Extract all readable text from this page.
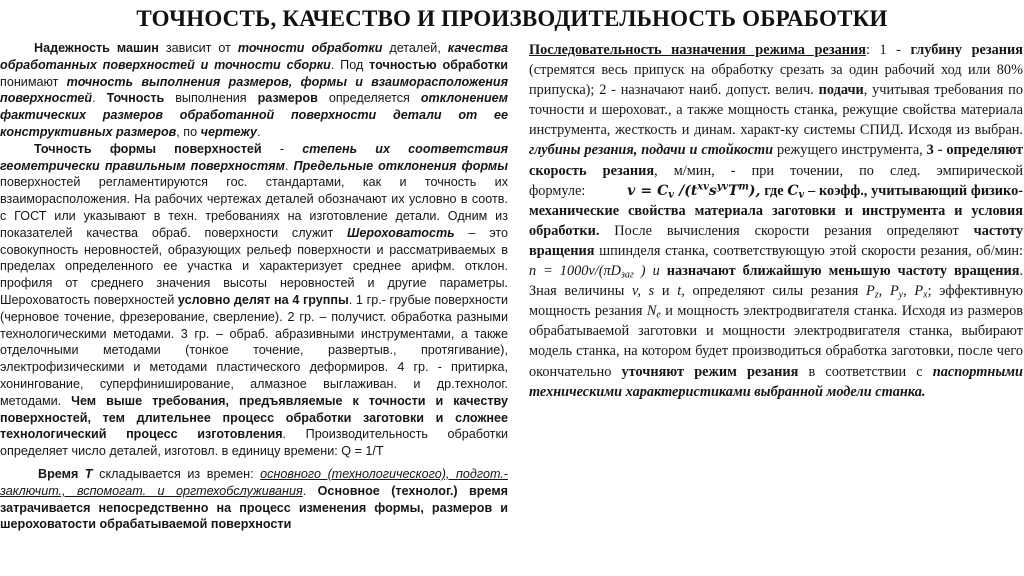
ТОЧНОСТЬ, КАЧЕСТВО И ПРОИЗВОДИТЕЛЬНОСТЬ ОБРАБОТКИ

Надежность машин зависит от точности обработки деталей, качества обработанных поверхностей и точности сборки. Под точностью обработки понимают точность выполнения размеров, формы и взаиморасположения поверхностей. Точность выполнения размеров определяется отклонением фактических размеров обработанной поверхности детали от ее конструктивных размеров, по чертежу.

Точность формы поверхностей - степень их соответствия геометрически правильным поверхностям. Предельные отклонения формы поверхностей регламентируются гос. стандартами, как и точность их взаиморасположения. На рабочих чертежах деталей обозначают их условно в соотв. с ГОСТ или указывают в техн. требованиях на изготовление детали. Одним из показателей качества обраб. поверхности служит Шероховатость – это совокупность неровностей, образующих рельеф поверхности и рассматриваемых в пределах определенного ее участка и характеризует среднее арифм. отклон. профиля от среднего значения высоты неровностей и другие параметры. Шероховатость поверхностей условно делят на 4 группы. 1 гр.- грубые поверхности (черновое точение, фрезерование, сверление). 2 гр. – получист. обработка разными технологическими методами. 3 гр. – обраб. абразивными инструментами, а также отделочными методами (тонкое точение, развертыв., протягивание), электрофизическими и методами пластического деформиров. 4 гр. - притирка, хонингование, суперфиниширование, алмазное выглаживан. и др.технолог. методами. Чем выше требования, предъявляемые к точности и качеству поверхностей, тем длительнее процесс обработки заготовки и сложнее технологический процесс изготовления. Производительность обработки определяет число деталей, изготовл. в единицу времени: Q = 1/T

Время Т складывается из времен: основного (технологического), подгот.-заключит., вспомогат. и оргтехобслуживания. Основное (технолог.) время затрачивается непосредственно на процесс изменения формы, размеров и шероховатости обрабатываемой поверхности

Последовательность назначения режима резания: 1 - глубину резания (стремятся весь припуск на обработку срезать за один рабочий ход или 80% припуска); 2 - назначают наиб. допуст. велич. подачи, учитывая требования по точности и шероховат., а также мощность станка, режущие свойства материала инструмента, жесткость и динам. характ-ку системы СПИД. Исходя из выбран. глубины резания, подачи и стойкости режущего инструмента, 3 - определяют скорость резания, м/мин, - при точении, по след. эмпирической формуле:	$v = C_v$ $/(t^{xv}s^{yv}T^m)$, где $C_v$ – коэфф., учитывающий физико-механические свойства материала заготовки и инструмента и условия обработки. После вычисления скорости резания определяют частоту вращения шпинделя станка, соответствующую этой скорости резания, об/мин: $n = 1000v/(\pi D_{заг}$ ) и назначают ближайшую меньшую частоту вращения. Зная величины v, s и t, определяют силы резания $P_z$, $P_y$, $P_x$; эффективную мощность резания $N_e$ и мощность электродвигателя станка. Исходя из размеров обрабатываемой заготовки и мощности электродвигателя станка, выбирают модель станка, на котором будет производиться обработка заготовки, после чего окончательно уточняют режим резания в соответствии с паспортными техническими характеристиками выбранной модели станка.
